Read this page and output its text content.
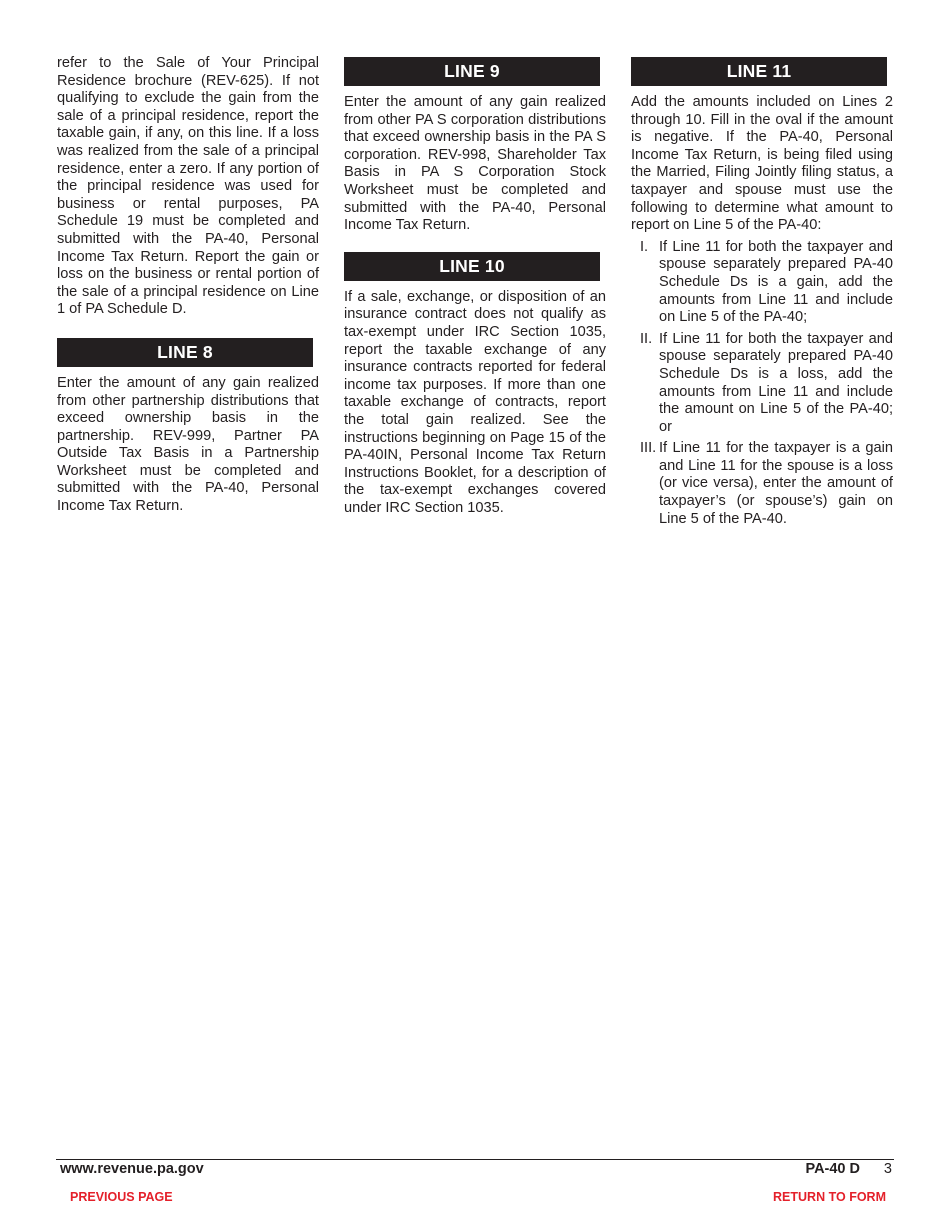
refer to the Sale of Your Principal Residence brochure (REV-625). If not qualifying to exclude the gain from the sale of a principal residence, report the taxable gain, if any, on this line. If a loss was realized from the sale of a principal residence, enter a zero. If any portion of the principal residence was used for business or rental purposes, PA Schedule 19 must be completed and submitted with the PA-40, Personal Income Tax Return. Report the gain or loss on the business or rental portion of the sale of a principal residence on Line 1 of PA Schedule D.

LINE 8

Enter the amount of any gain realized from other partnership distributions that exceed ownership basis in the partnership. REV-999, Partner PA Outside Tax Basis in a Partnership Worksheet must be completed and submitted with the PA-40, Personal Income Tax Return.

LINE 9

Enter the amount of any gain realized from other PA S corporation distributions that exceed ownership basis in the PA S corporation. REV-998, Shareholder Tax Basis in PA S Corporation Stock Worksheet must be completed and submitted with the PA-40, Personal Income Tax Return.

LINE 10

If a sale, exchange, or disposition of an insurance contract does not qualify as tax-exempt under IRC Section 1035, report the taxable exchange of any insurance contracts reported for federal income tax purposes. If more than one taxable exchange of contracts, report the total gain realized. See the instructions beginning on Page 15 of the PA-40IN, Personal Income Tax Return Instructions Booklet, for a description of the tax-exempt exchanges covered under IRC Section 1035.

LINE 11

Add the amounts included on Lines 2 through 10. Fill in the oval if the amount is negative. If the PA-40, Personal Income Tax Return, is being filed using the Married, Filing Jointly filing status, a taxpayer and spouse must use the following to determine what amount to report on Line 5 of the PA-40:

I. If Line 11 for both the taxpayer and spouse separately prepared PA-40 Schedule Ds is a gain, add the amounts from Line 11 and include on Line 5 of the PA-40;
II. If Line 11 for both the taxpayer and spouse separately prepared PA-40 Schedule Ds is a loss, add the amounts from Line 11 and include the amount on Line 5 of the PA-40; or
III. If Line 11 for the taxpayer is a gain and Line 11 for the spouse is a loss (or vice versa), enter the amount of taxpayer’s (or spouse’s) gain on Line 5 of the PA-40.
www.revenue.pa.gov	PA-40 D 3
PREVIOUS PAGE	RETURN TO FORM
